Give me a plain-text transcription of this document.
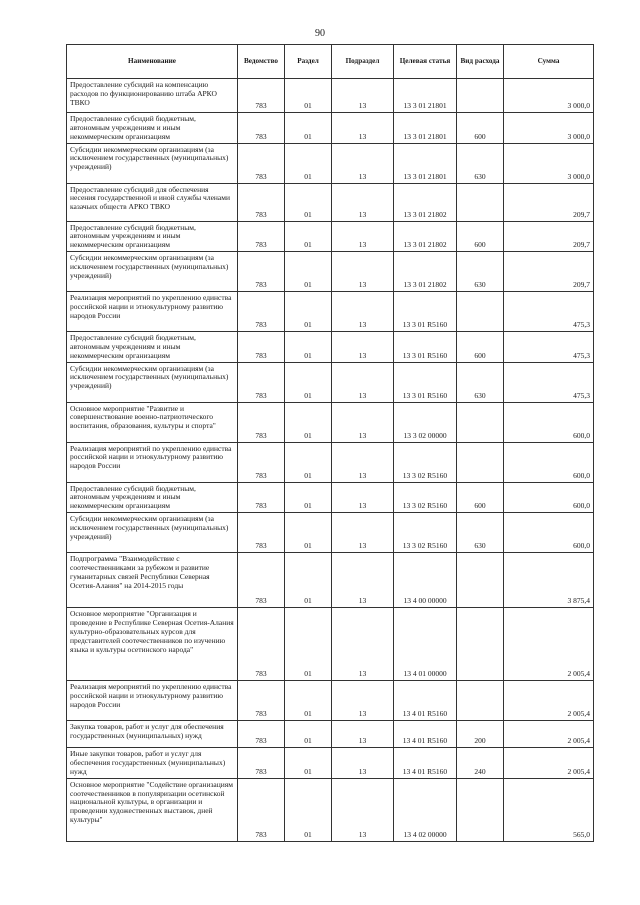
90
Наименование	Ведомство	Раздел	Подраздел	Целевая статья	Вид расхода	Сумма
Предоставление субсидий на компенсацию расходов по функционированию штаба АРКО ТВКО	783	01	13	13 3 01 21801		3 000,0
Предоставление субсидий бюджетным, автономным учреждениям и иным некоммерческим организациям	783	01	13	13 3 01 21801	600	3 000,0
Субсидии некоммерческим организациям (за исключением государственных (муниципальных) учреждений)	783	01	13	13 3 01 21801	630	3 000,0
Предоставление субсидий для обеспечения несения государственной и иной службы членами казачьих обществ АРКО ТВКО	783	01	13	13 3 01 21802		209,7
Предоставление субсидий бюджетным, автономным учреждениям и иным некоммерческим организациям	783	01	13	13 3 01 21802	600	209,7
Субсидии некоммерческим организациям (за исключением государственных (муниципальных) учреждений)	783	01	13	13 3 01 21802	630	209,7
Реализация мероприятий по укреплению единства российской нации и этнокультурному развитию народов России	783	01	13	13 3 01 R5160		475,3
Предоставление субсидий бюджетным, автономным учреждениям и иным некоммерческим организациям	783	01	13	13 3 01 R5160	600	475,3
Субсидии некоммерческим организациям (за исключением государственных (муниципальных) учреждений)	783	01	13	13 3 01 R5160	630	475,3
Основное мероприятие "Развитие и совершенствование военно-патриотического воспитания, образования, культуры и спорта"	783	01	13	13 3 02 00000		600,0
Реализация мероприятий по укреплению единства российской нации и этнокультурному развитию народов России	783	01	13	13 3 02 R5160		600,0
Предоставление субсидий бюджетным, автономным учреждениям и иным некоммерческим организациям	783	01	13	13 3 02 R5160	600	600,0
Субсидии некоммерческим организациям (за исключением государственных (муниципальных) учреждений)	783	01	13	13 3 02 R5160	630	600,0
Подпрограмма "Взаимодействие с соотечественниками за рубежом и развитие гуманитарных связей Республики Северная Осетия-Алания" на 2014-2015 годы	783	01	13	13 4 00 00000		3 875,4
Основное мероприятие "Организация и проведение в Республике Северная Осетия-Алания культурно-образовательных курсов для представителей соотечественников по изучению языка и культуры осетинского народа"	783	01	13	13 4 01 00000		2 005,4
Реализация мероприятий по укреплению единства российской нации и этнокультурному развитию народов России	783	01	13	13 4 01 R5160		2 005,4
Закупка товаров, работ и услуг для обеспечения государственных (муниципальных) нужд	783	01	13	13 4 01 R5160	200	2 005,4
Иные закупки товаров, работ и услуг для обеспечения государственных (муниципальных) нужд	783	01	13	13 4 01 R5160	240	2 005,4
Основное мероприятие "Содействие организациям соотечественников в популяризации осетинской национальной культуры, в организации и проведении художественных выставок, дней культуры"	783	01	13	13 4 02 00000		565,0
